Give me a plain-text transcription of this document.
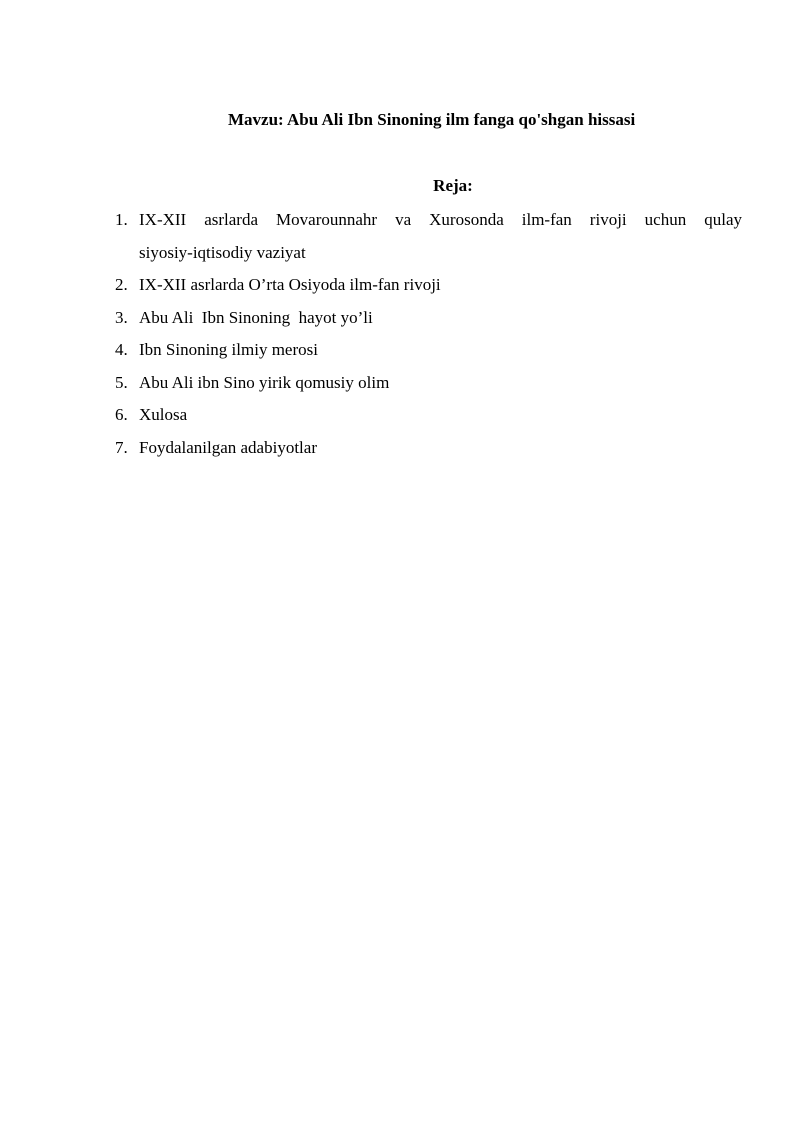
Mavzu: Abu Ali Ibn Sinoning ilm fanga qo'shgan hissasi
Reja:
1. IX-XII asrlarda Movarounnahr va Xurosonda ilm-fan rivoji uchun qulay
siyosiy-iqtisodiy vaziyat
2. IX-XII asrlarda O’rta Osiyoda ilm-fan rivoji
3. Abu Ali  Ibn Sinoning  hayot yo’li
4. Ibn Sinoning ilmiy merosi
5. Abu Ali ibn Sino yirik qomusiy olim
6. Xulosa
7. Foydalanilgan adabiyotlar
